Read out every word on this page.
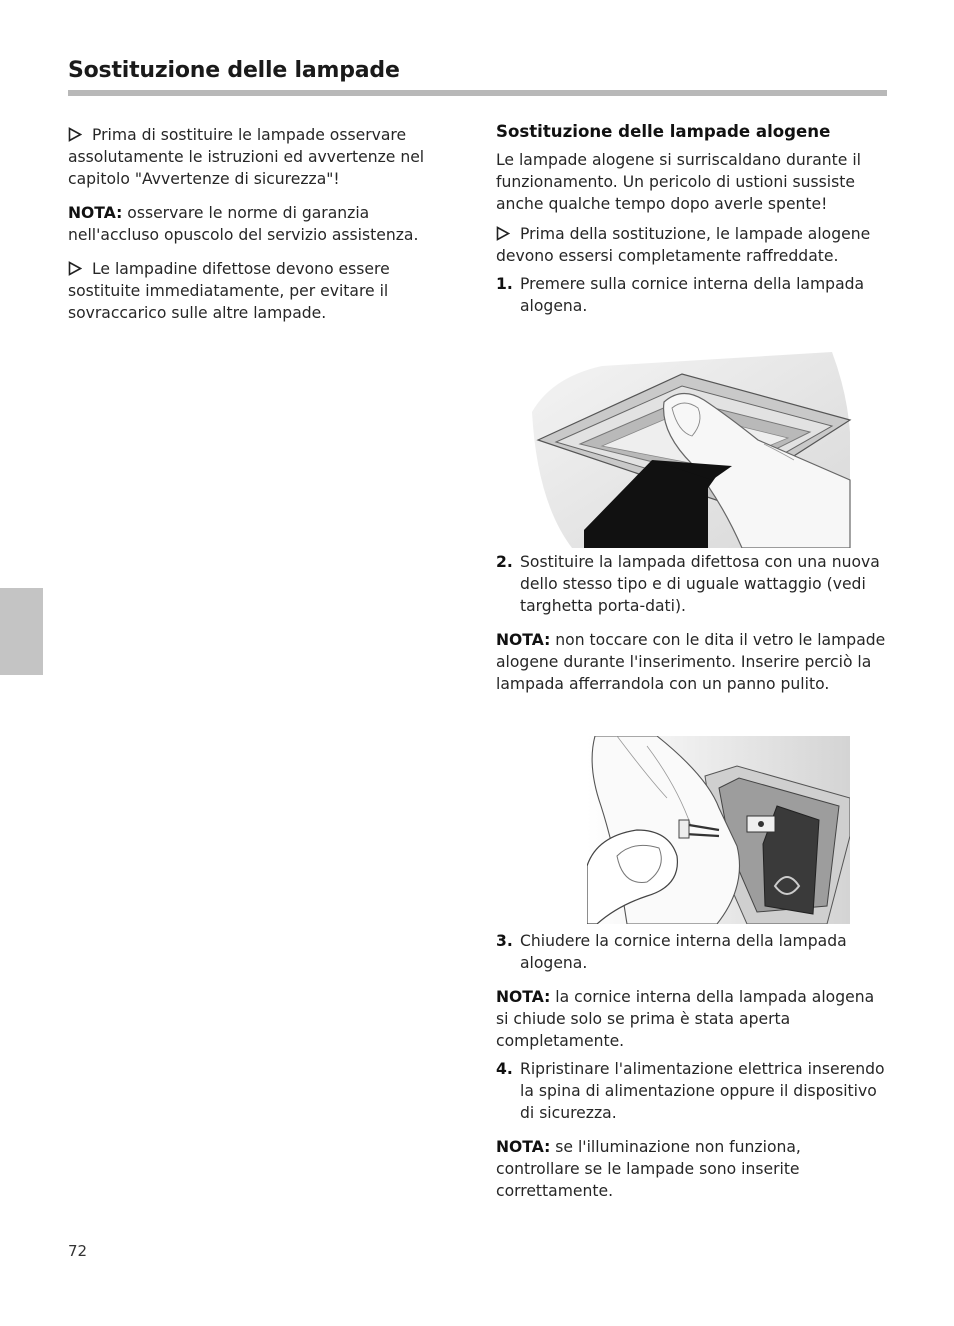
Sostituzione delle lampade

Prima di sostituire le lampade osservare assolutamente le istruzioni ed avvertenze nel capitolo "Avvertenze di sicurezza"!

NOTA: osservare le norme di garanzia nell'accluso opuscolo del servizio assistenza.

Le lampadine difettose devono essere sostituite immediatamente, per evitare il sovraccarico sulle altre lampade.

Sostituzione delle lampade alogene

Le lampade alogene si surriscaldano durante il funzionamento. Un pericolo di ustioni sussiste anche qualche tempo dopo averle spente!

Prima della sostituzione, le lampade alogene devono essersi completamente raffreddate.

1. Premere sulla cornice interna della lampada alogena.
2. Sostituire la lampada difettosa con una nuova dello stesso tipo e di uguale wattaggio (vedi targhetta porta-dati).

NOTA: non toccare con le dita il vetro le lampade alogene durante l'inserimento. Inserire perciò la lampada afferrandola con un panno pulito.

3. Chiudere la cornice interna della lampada alogena.

NOTA: la cornice interna della lampada alogena si chiude solo se prima è stata aperta completamente.

4. Ripristinare l'alimentazione elettrica inserendo la spina di alimentazione oppure il dispositivo di sicurezza.

NOTA: se l'illuminazione non funziona, controllare se le lampade sono inserite correttamente.

72
